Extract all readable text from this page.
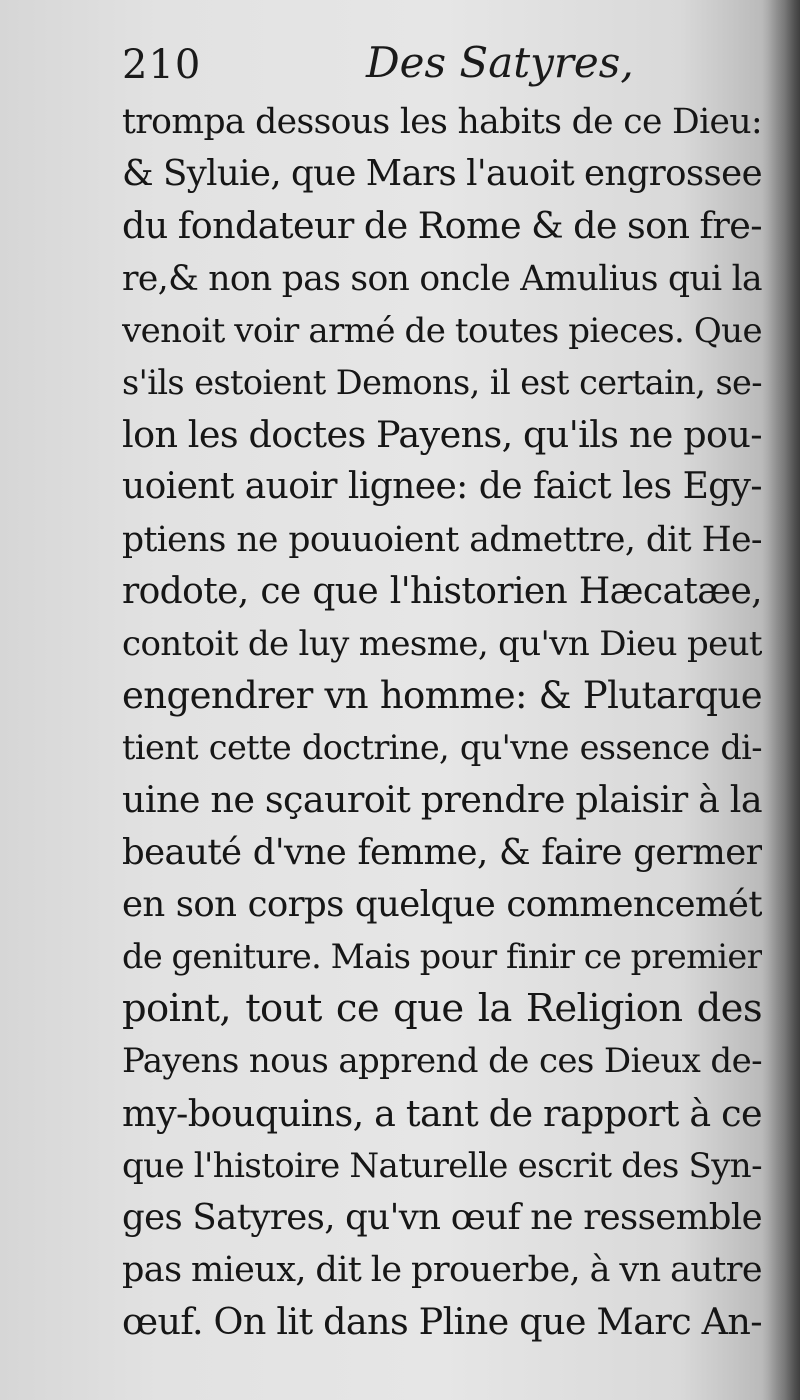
210	Des Satyres,
trompa dessous les habits de ce Dieu:
& Syluie, que Mars l'auoit engrossee
du fondateur de Rome & de son fre-
re,& non pas son oncle Amulius qui la
venoit voir armé de toutes pieces. Que
s'ils estoient Demons, il est certain, se-
lon les doctes Payens, qu'ils ne pou-
uoient auoir lignee: de faict les Egy-
ptiens ne pouuoient admettre, dit He-
rodote, ce que l'historien Hæcatæe,
contoit de luy mesme, qu'vn Dieu peut
engendrer vn homme: & Plutarque
tient cette doctrine, qu'vne essence di-
uine ne sçauroit prendre plaisir à la
beauté d'vne femme, & faire germer
en son corps quelque commencemét
de geniture. Mais pour finir ce premier
point, tout ce que la Religion des
Payens nous apprend de ces Dieux de-
my-bouquins, a tant de rapport à ce
que l'histoire Naturelle escrit des Syn-
ges Satyres, qu'vn œuf ne ressemble
pas mieux, dit le prouerbe, à vn autre
œuf. On lit dans Pline que Marc An-
